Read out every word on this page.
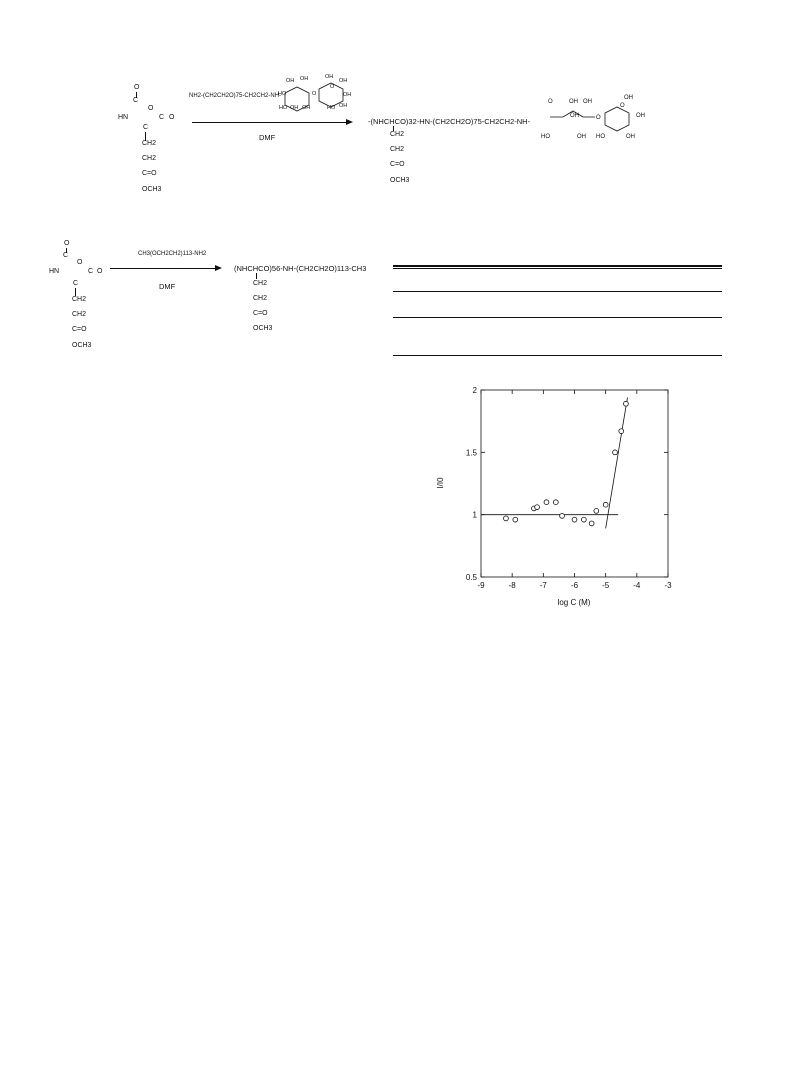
O
C
O
HN	C O
C
CH2
CH2
C=O
OCH3
NH2-(CH2CH2O)75-CH2CH2-NH-
OH OH
HO
OH OH
HO
O
O
OH
OH
OH
HO OH
DMF
-(NHCHCO)32-HN-(CH2CH2O)75-CH2CH2-NH-
CH2
CH2
C=O
OCH3
O	OH OH
OH
HO	OH
O
O
OH
HO
OH
OH
O
C
O
HN	C O
C
CH2
CH2
C=O
OCH3
CH3(OCH2CH2)113-NH2
DMF
(NHCHCO)56-NH-(CH2CH2O)113-CH3
CH2
CH2
C=O
OCH3
-9	-8	-7	-6	-5	-4	-3
0.5
1
1.5
2
log C (M)
I/I0
